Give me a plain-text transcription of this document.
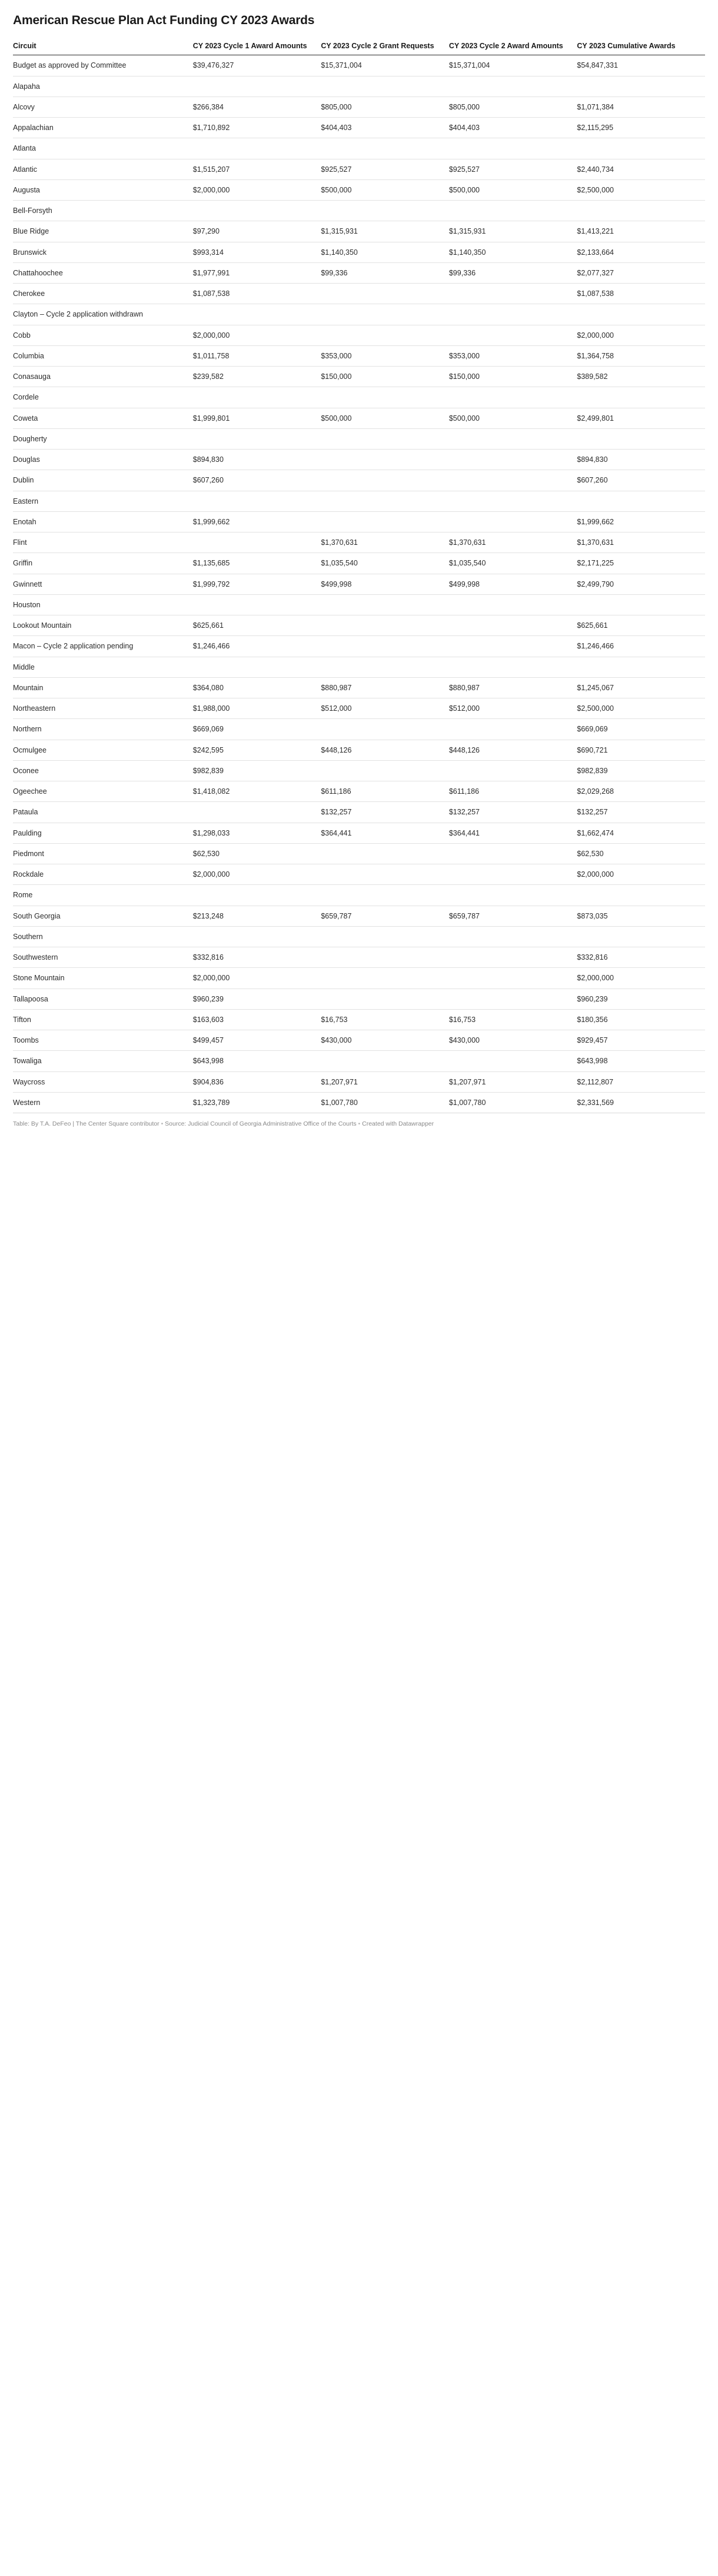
American Rescue Plan Act Funding CY 2023 Awards
Circuit	CY 2023 Cycle 1 Award Amounts	CY 2023 Cycle 2 Grant Requests	CY 2023 Cycle 2 Award Amounts	CY 2023 Cumulative Awards
Budget as approved by Committee	$39,476,327	$15,371,004	$15,371,004	$54,847,331
Alapaha				
Alcovy	$266,384	$805,000	$805,000	$1,071,384
Appalachian	$1,710,892	$404,403	$404,403	$2,115,295
Atlanta				
Atlantic	$1,515,207	$925,527	$925,527	$2,440,734
Augusta	$2,000,000	$500,000	$500,000	$2,500,000
Bell-Forsyth				
Blue Ridge	$97,290	$1,315,931	$1,315,931	$1,413,221
Brunswick	$993,314	$1,140,350	$1,140,350	$2,133,664
Chattahoochee	$1,977,991	$99,336	$99,336	$2,077,327
Cherokee	$1,087,538			$1,087,538
Clayton – Cycle 2 application withdrawn				
Cobb	$2,000,000			$2,000,000
Columbia	$1,011,758	$353,000	$353,000	$1,364,758
Conasauga	$239,582	$150,000	$150,000	$389,582
Cordele				
Coweta	$1,999,801	$500,000	$500,000	$2,499,801
Dougherty				
Douglas	$894,830			$894,830
Dublin	$607,260			$607,260
Eastern				
Enotah	$1,999,662			$1,999,662
Flint		$1,370,631	$1,370,631	$1,370,631
Griffin	$1,135,685	$1,035,540	$1,035,540	$2,171,225
Gwinnett	$1,999,792	$499,998	$499,998	$2,499,790
Houston				
Lookout Mountain	$625,661			$625,661
Macon – Cycle 2 application pending	$1,246,466			$1,246,466
Middle				
Mountain	$364,080	$880,987	$880,987	$1,245,067
Northeastern	$1,988,000	$512,000	$512,000	$2,500,000
Northern	$669,069			$669,069
Ocmulgee	$242,595	$448,126	$448,126	$690,721
Oconee	$982,839			$982,839
Ogeechee	$1,418,082	$611,186	$611,186	$2,029,268
Pataula		$132,257	$132,257	$132,257
Paulding	$1,298,033	$364,441	$364,441	$1,662,474
Piedmont	$62,530			$62,530
Rockdale	$2,000,000			$2,000,000
Rome				
South Georgia	$213,248	$659,787	$659,787	$873,035
Southern				
Southwestern	$332,816			$332,816
Stone Mountain	$2,000,000			$2,000,000
Tallapoosa	$960,239			$960,239
Tifton	$163,603	$16,753	$16,753	$180,356
Toombs	$499,457	$430,000	$430,000	$929,457
Towaliga	$643,998			$643,998
Waycross	$904,836	$1,207,971	$1,207,971	$2,112,807
Western	$1,323,789	$1,007,780	$1,007,780	$2,331,569
Table: By T.A. DeFeo | The Center Square contributor • Source: Judicial Council of Georgia Administrative Office of the Courts • Created with Datawrapper
